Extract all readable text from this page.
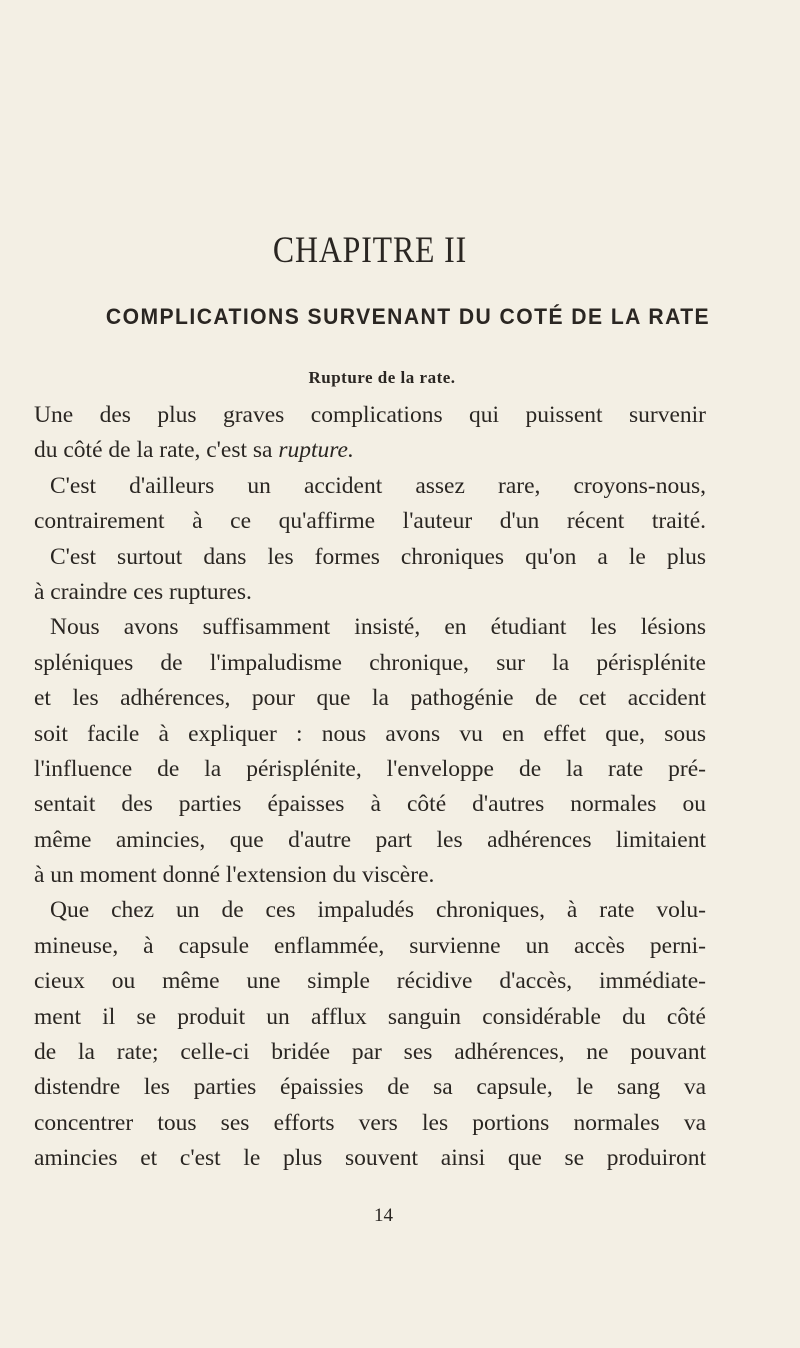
CHAPITRE II
COMPLICATIONS SURVENANT DU COTÉ DE LA RATE
Rupture de la rate.
Une des plus graves complications qui puissent survenir
du côté de la rate, c'est sa rupture.
C'est d'ailleurs un accident assez rare, croyons-nous,
contrairement à ce qu'affirme l'auteur d'un récent traité.
C'est surtout dans les formes chroniques qu'on a le plus
à craindre ces ruptures.
Nous avons suffisamment insisté, en étudiant les lésions
spléniques de l'impaludisme chronique, sur la périsplénite
et les adhérences, pour que la pathogénie de cet accident
soit facile à expliquer : nous avons vu en effet que, sous
l'influence de la périsplénite, l'enveloppe de la rate pré-
sentait des parties épaisses à côté d'autres normales ou
même amincies, que d'autre part les adhérences limitaient
à un moment donné l'extension du viscère.
Que chez un de ces impaludés chroniques, à rate volu-
mineuse, à capsule enflammée, survienne un accès perni-
cieux ou même une simple récidive d'accès, immédiate-
ment il se produit un afflux sanguin considérable du côté
de la rate; celle-ci bridée par ses adhérences, ne pouvant
distendre les parties épaissies de sa capsule, le sang va
concentrer tous ses efforts vers les portions normales va
amincies et c'est le plus souvent ainsi que se produiront

14
